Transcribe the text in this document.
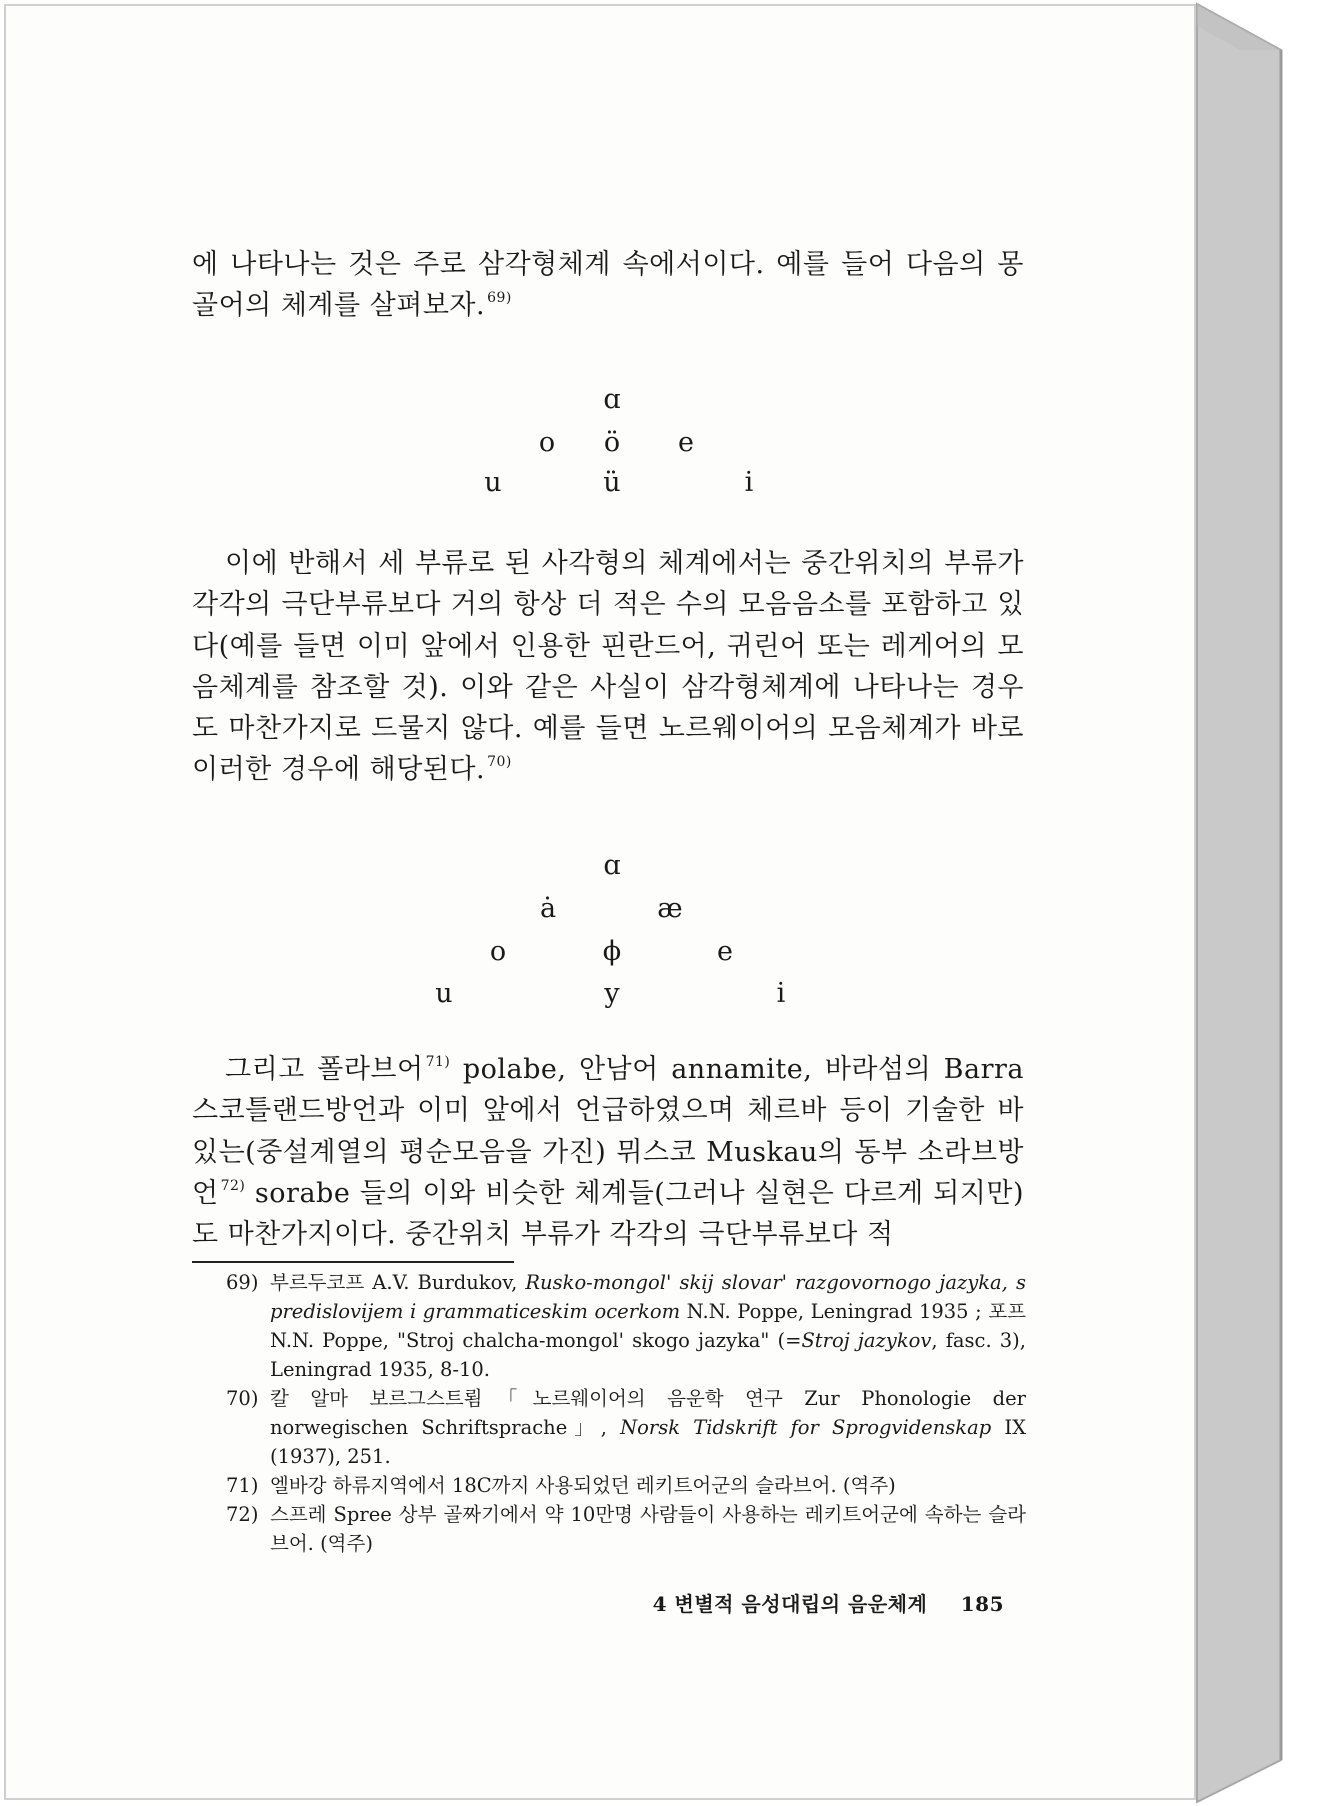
에 나타나는 것은 주로 삼각형체계 속에서이다. 예를 들어 다음의 몽골어의 체계를 살펴보자. $^{69)}$
ɑ
o ö e
u	ü	i
이에 반해서 세 부류로 된 사각형의 체계에서는 중간위치의 부류가 각각의 극단부류보다 거의 항상 더 적은 수의 모음음소를 포함하고 있다(예를 들면 이미 앞에서 인용한 핀란드어, 귀린어 또는 레게어의 모음체계를 참조할 것). 이와 같은 사실이 삼각형체계에 나타나는 경우도 마찬가지로 드물지 않다. 예를 들면 노르웨이어의 모음체계가 바로 이러한 경우에 해당된다. $^{70)}$
ɑ
ȧ	æ
o	ϕ	e
u	y	i
그리고 폴라브어 $^{71)}$ polabe, 안남어 annamite, 바라섬의 Barra 스코틀랜드방언과 이미 앞에서 언급하였으며 체르바 등이 기술한 바 있는(중설계열의 평순모음을 가진) 뮈스코 Muskau의 동부 소라브방언 $^{72)}$ sorabe 들의 이와 비슷한 체계들(그러나 실현은 다르게 되지만)도 마찬가지이다. 중간위치 부류가 각각의 극단부류보다 적
69) 부르두코프 A.V. Burdukov, Rusko-mongol' skij slovar' razgovornogo jazyka, s predislovijem i grammaticeskim ocerkom N.N. Poppe, Leningrad 1935 ; 포프 N.N. Poppe, "Stroj chalcha-mongol' skogo jazyka" (=Stroj jazykov, fasc. 3), Leningrad 1935, 8-10.
70) 칼 알마 보르그스트룀「노르웨이어의 음운학 연구 Zur Phonologie der norwegischen Schriftsprache」, Norsk Tidskrift for Sprogvidenskap IX (1937), 251.
71) 엘바강 하류지역에서 18C까지 사용되었던 레키트어군의 슬라브어. (역주)
72) 스프레 Spree 상부 골짜기에서 약 10만명 사람들이 사용하는 레키트어군에 속하는 슬라브어. (역주)
4 변별적 음성대립의 음운체계 185
